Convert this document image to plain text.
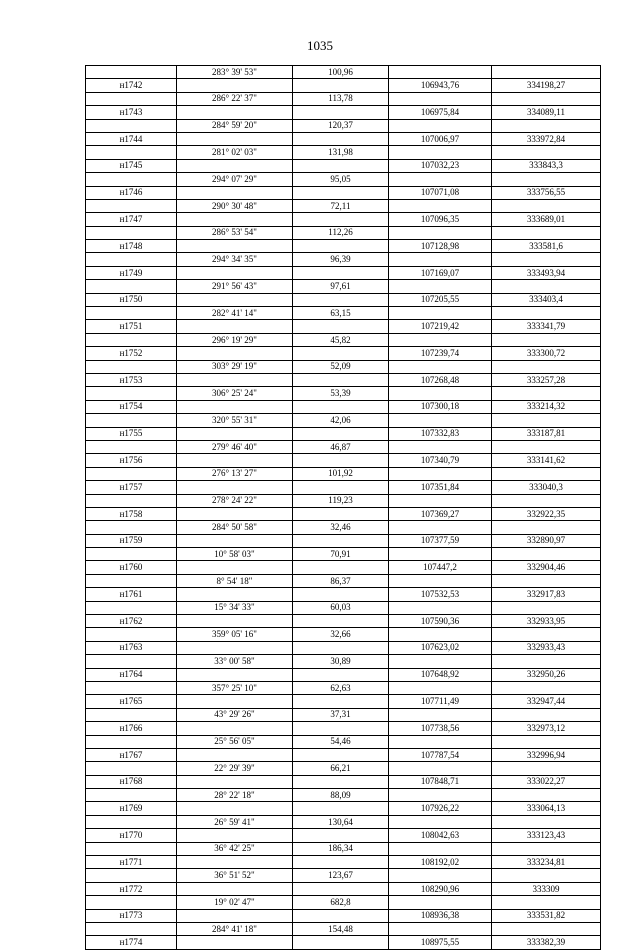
1035
	283° 39' 53"	100,96		
н1742			106943,76	334198,27
	286° 22' 37"	113,78		
н1743			106975,84	334089,11
	284° 59' 20"	120,37		
н1744			107006,97	333972,84
	281° 02' 03"	131,98		
н1745			107032,23	333843,3
	294° 07' 29"	95,05		
н1746			107071,08	333756,55
	290° 30' 48"	72,11		
н1747			107096,35	333689,01
	286° 53' 54"	112,26		
н1748			107128,98	333581,6
	294° 34' 35"	96,39		
н1749			107169,07	333493,94
	291° 56' 43"	97,61		
н1750			107205,55	333403,4
	282° 41' 14"	63,15		
н1751			107219,42	333341,79
	296° 19' 29"	45,82		
н1752			107239,74	333300,72
	303° 29' 19"	52,09		
н1753			107268,48	333257,28
	306° 25' 24"	53,39		
н1754			107300,18	333214,32
	320° 55' 31"	42,06		
н1755			107332,83	333187,81
	279° 46' 40"	46,87		
н1756			107340,79	333141,62
	276° 13' 27"	101,92		
н1757			107351,84	333040,3
	278° 24' 22"	119,23		
н1758			107369,27	332922,35
	284° 50' 58"	32,46		
н1759			107377,59	332890,97
	10° 58' 03"	70,91		
н1760			107447,2	332904,46
	8° 54' 18"	86,37		
н1761			107532,53	332917,83
	15° 34' 33"	60,03		
н1762			107590,36	332933,95
	359° 05' 16"	32,66		
н1763			107623,02	332933,43
	33° 00' 58"	30,89		
н1764			107648,92	332950,26
	357° 25' 10"	62,63		
н1765			107711,49	332947,44
	43° 29' 26"	37,31		
н1766			107738,56	332973,12
	25° 56' 05"	54,46		
н1767			107787,54	332996,94
	22° 29' 39"	66,21		
н1768			107848,71	333022,27
	28° 22' 18"	88,09		
н1769			107926,22	333064,13
	26° 59' 41"	130,64		
н1770			108042,63	333123,43
	36° 42' 25"	186,34		
н1771			108192,02	333234,81
	36° 51' 52"	123,67		
н1772			108290,96	333309
	19° 02' 47"	682,8		
н1773			108936,38	333531,82
	284° 41' 18"	154,48		
н1774			108975,55	333382,39
